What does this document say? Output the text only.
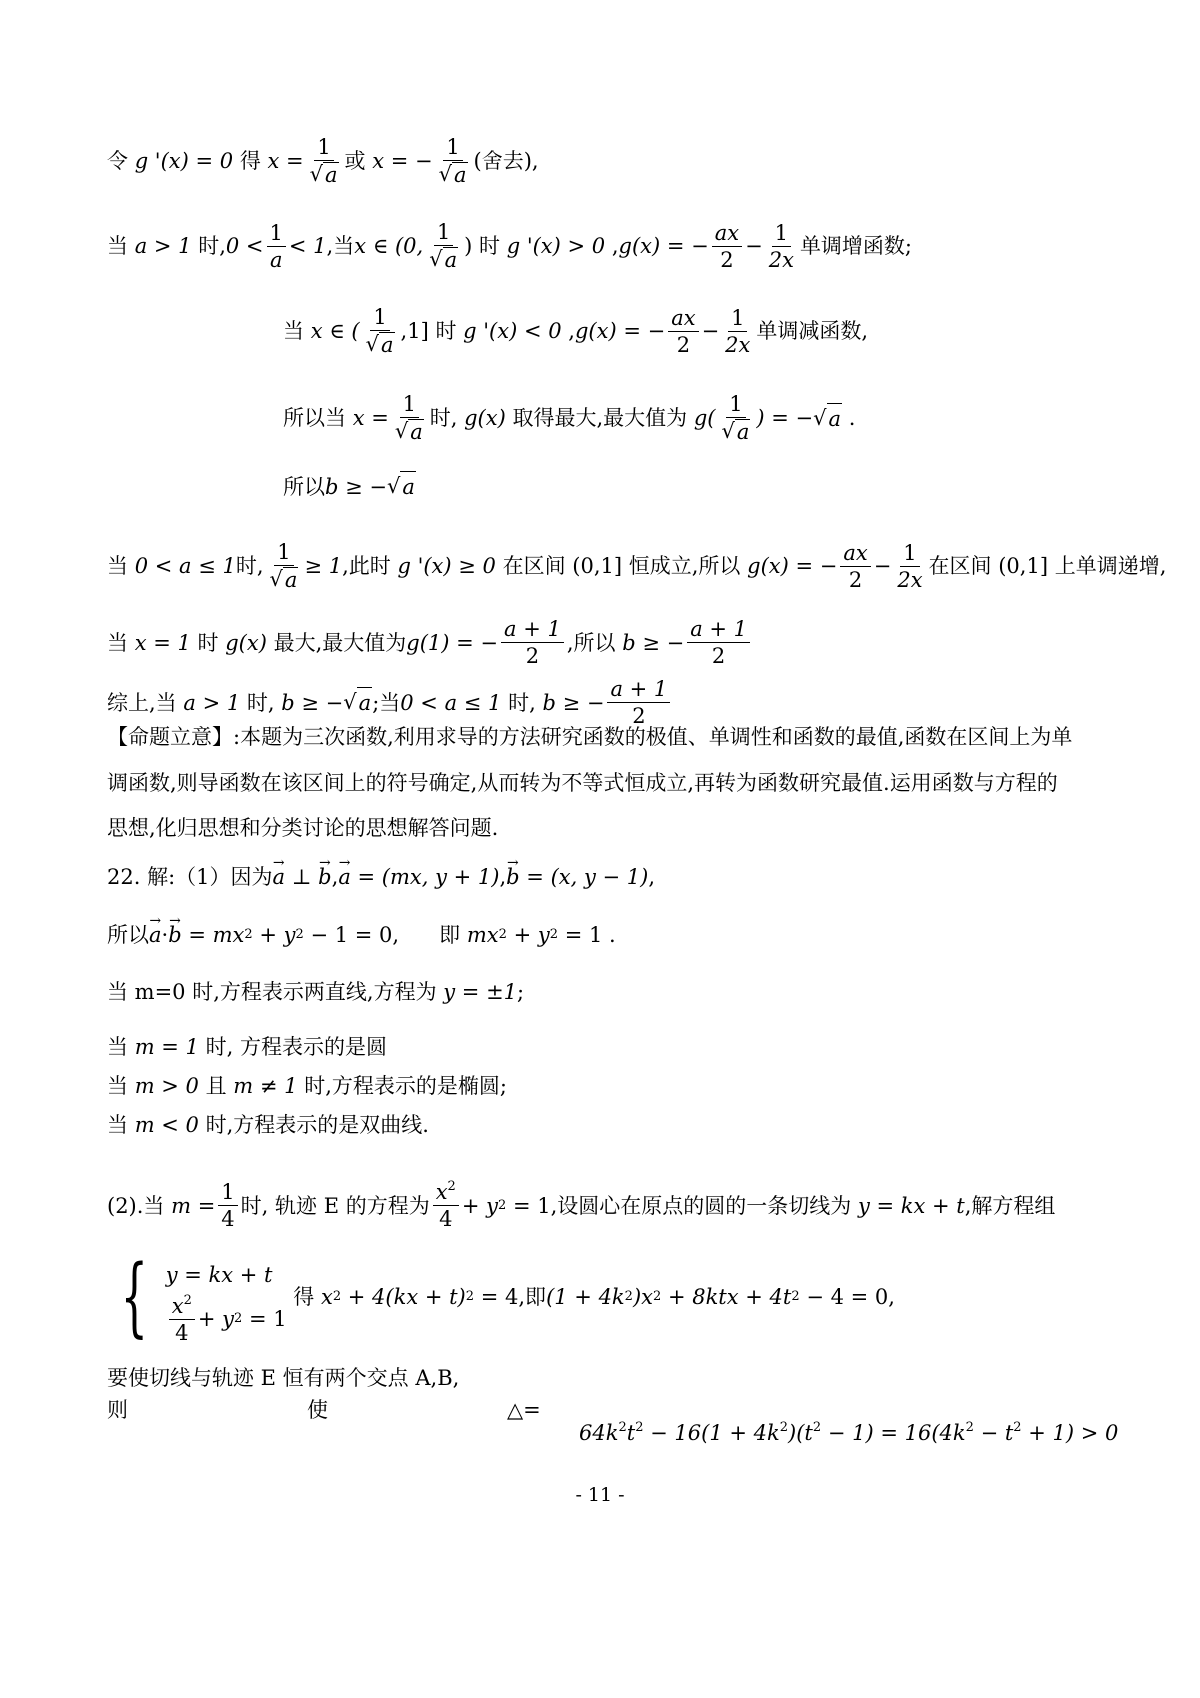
令
g '(x) = 0
得
$x = \frac{1}{√ a}$ 或
x = − $\frac{1}{√ a}$ (舍去),
当
a > 1
时, $0 < \frac{1}{a} < 1$ ,当 x ∈ (0, $\frac{1}{√ a}$ )
时
g '(x) > 0
, g(x) = − $\frac{ax}{2} - \frac{1}{2x}$ 单调增函数;
当
x ∈ ( $\frac{1}{√ a} ,1$]
时
g '(x) < 0
, g(x) = − $\frac{ax}{2} - \frac{1}{2x}$ 单调减函数,
所以当
$x = \frac{1}{√ a}$ 时,
g(x)
取得最大,最大值为
$g( \frac{1}{√ a}$ ) = − √ a
.
所以 b ≥ − √ a
当
0 < a ≤ 1 时, $\frac{1}{√ a} \ge 1$ ,此时
g '(x) ≥ 0
在区间
(0,1]
恒成立,所以
g(x) = − $\frac{ax}{2} - \frac{1}{2x}$ 在区间
(0,1]
上单调递增,
当
x = 1
时
g(x)
最大,最大值为 g(1) = − $\frac{a + 1}{2}$ ,所以
b ≥ − $\frac{a + 1}{2}$
综上,当
a > 1
时,
b ≥ − √ a ;当 0 < a ≤ 1
时,
b ≥ − $\frac{a + 1}{2}$
【命题立意】:本题为三次函数,利用求导的方法研究函数的极值、单调性和函数的最值,函数在区间上为单
调函数,则导函数在该区间上的符号确定,从而转为不等式恒成立,再转为函数研究最值.运用函数与方程的
思想,化归思想和分类讨论的思想解答问题.
22. 解:（1）因为 → a
⊥
→ b , → a
= (mx, y + 1) , → b
= (x, y − 1) ,
所以 → a · → b
= mx 2
+ y 2
− 1 = 0 ,
即
mx 2
+ y 2
= 1
.
当 m=0 时,方程表示两直线,方程为
y = ±1 ;
当
m = 1
时, 方程表示的是圆
当
m > 0
且
m ≠ 1
时,方程表示的是椭圆;
当
m < 0
时,方程表示的是双曲线.
(2).当
$m = \frac{1}{4}$ 时, 轨迹 E 的方程为 $\frac{x^2}{4} + y$ 2
= 1 ,设圆心在原点的圆的一条切线为
y = kx + t ,解方程组
{ y = kx + t
$\frac{x^2}{4} + y$ 2
= 1

得
x 2
+ 4(kx + t) 2
= 4 ,即 (1 + 4k 2 )x 2
+ 8ktx + 4t 2
− 4 = 0 ,
要使切线与轨迹 E 恒有两个交点 A,B,
则	使	△=
$64k^2t^2 - 16(1 + 4k^2)(t^2 - 1) = 16(4k^2 - t^2 + 1) > 0$
- 11 -
